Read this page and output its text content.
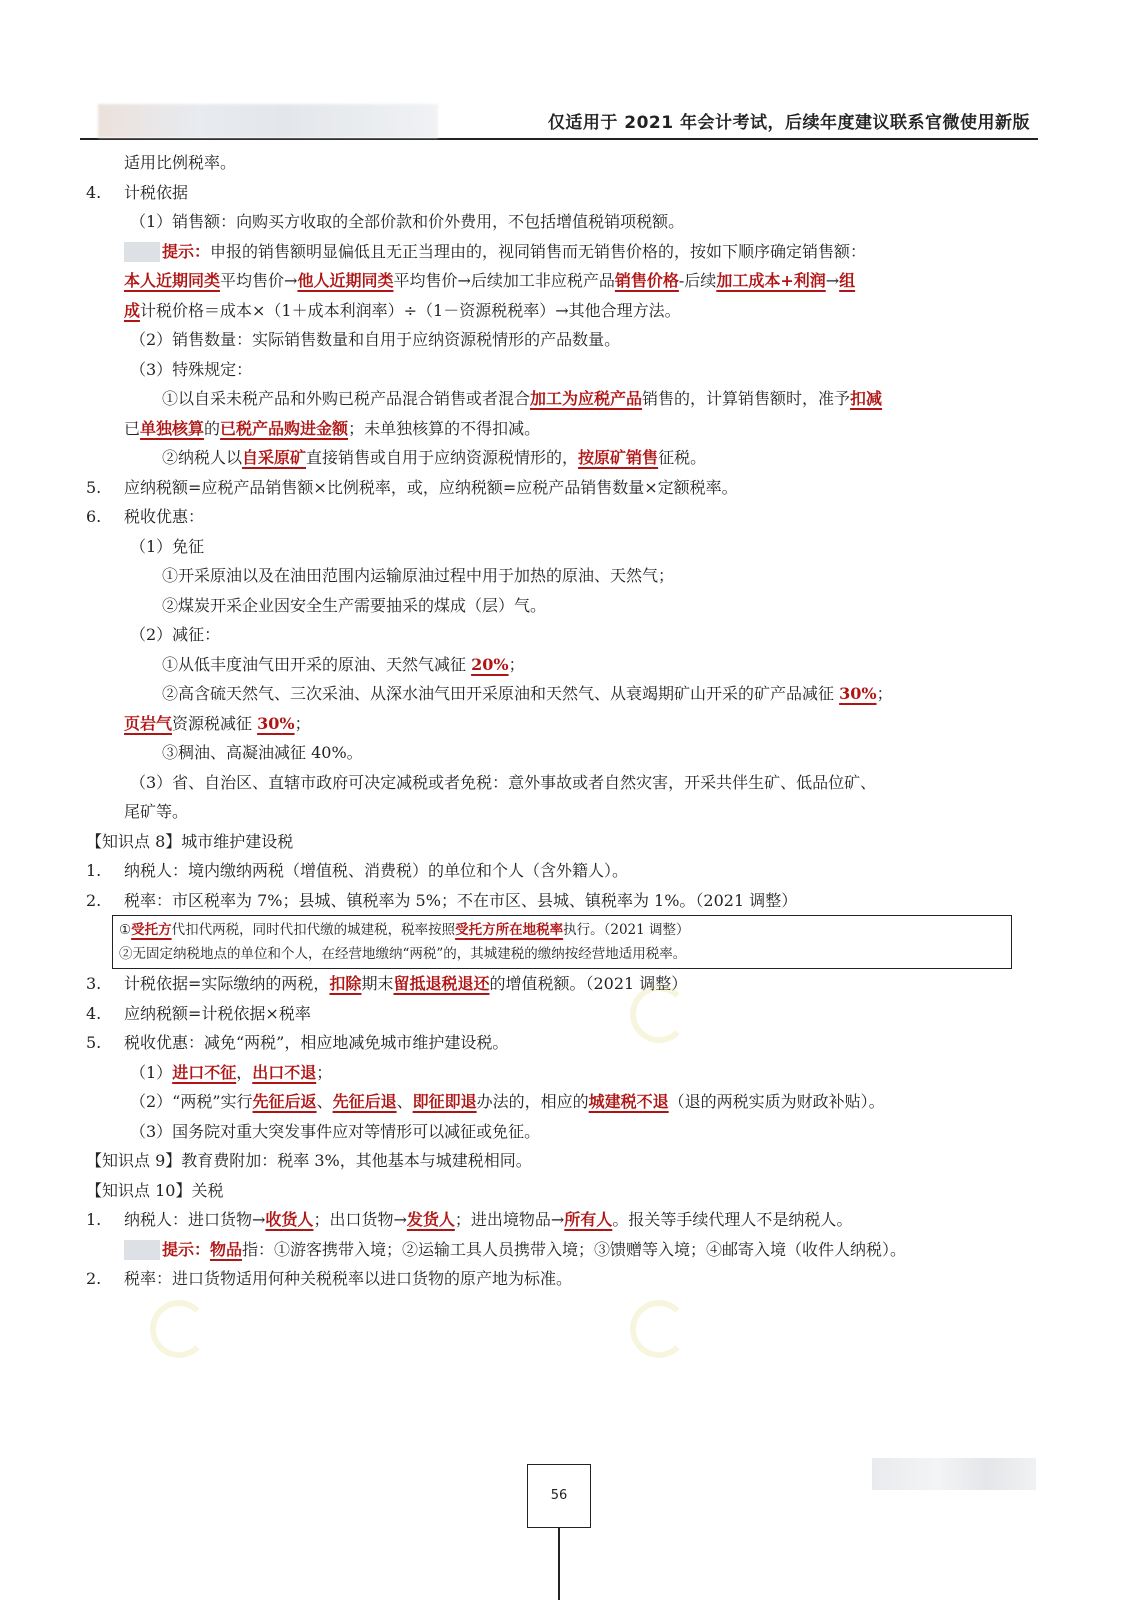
仅适用于 2021 年会计考试，后续年度建议联系官微使用新版
适用比例税率。
4. 计税依据
（1）销售额：向购买方收取的全部价款和价外费用，不包括增值税销项税额。
提示：申报的销售额明显偏低且无正当理由的，视同销售而无销售价格的，按如下顺序确定销售额：
本人近期同类平均售价→他人近期同类平均售价→后续加工非应税产品销售价格-后续加工成本+利润→组
成计税价格＝成本×（1＋成本利润率）÷（1－资源税税率）→其他合理方法。
（2）销售数量：实际销售数量和自用于应纳资源税情形的产品数量。
（3）特殊规定：
①以自采未税产品和外购已税产品混合销售或者混合加工为应税产品销售的，计算销售额时，准予扣减
已单独核算的已税产品购进金额；未单独核算的不得扣减。
②纳税人以自采原矿直接销售或自用于应纳资源税情形的，按原矿销售征税。
5. 应纳税额=应税产品销售额×比例税率，或，应纳税额=应税产品销售数量×定额税率。
6. 税收优惠：
（1）免征
①开采原油以及在油田范围内运输原油过程中用于加热的原油、天然气；
②煤炭开采企业因安全生产需要抽采的煤成（层）气。
（2）减征：
①从低丰度油气田开采的原油、天然气减征 20%；
②高含硫天然气、三次采油、从深水油气田开采原油和天然气、从衰竭期矿山开采的矿产品减征 30%；
页岩气资源税减征 30%；
③稠油、高凝油减征 40%。
（3）省、自治区、直辖市政府可决定减税或者免税：意外事故或者自然灾害，开采共伴生矿、低品位矿、
尾矿等。
【知识点 8】城市维护建设税
1. 纳税人：境内缴纳两税（增值税、消费税）的单位和个人（含外籍人）。
2. 税率：市区税率为 7%；县城、镇税率为 5%；不在市区、县城、镇税率为 1%。（2021 调整）
①受托方代扣代两税，同时代扣代缴的城建税，税率按照受托方所在地税率执行。（2021 调整）
②无固定纳税地点的单位和个人，在经营地缴纳“两税”的，其城建税的缴纳按经营地适用税率。
3. 计税依据=实际缴纳的两税，扣除期末留抵退税退还的增值税额。（2021 调整）
4. 应纳税额=计税依据×税率
5. 税收优惠：减免“两税”，相应地减免城市维护建设税。
（1）进口不征，出口不退；
（2）“两税”实行先征后返、先征后退、即征即退办法的，相应的城建税不退（退的两税实质为财政补贴）。
（3）国务院对重大突发事件应对等情形可以减征或免征。
【知识点 9】教育费附加：税率 3%，其他基本与城建税相同。
【知识点 10】关税
1. 纳税人：进口货物→收货人；出口货物→发货人；进出境物品→所有人。报关等手续代理人不是纳税人。
提示：物品指：①游客携带入境；②运输工具人员携带入境；③馈赠等入境；④邮寄入境（收件人纳税）。
2. 税率：进口货物适用何种关税税率以进口货物的原产地为标准。
56
